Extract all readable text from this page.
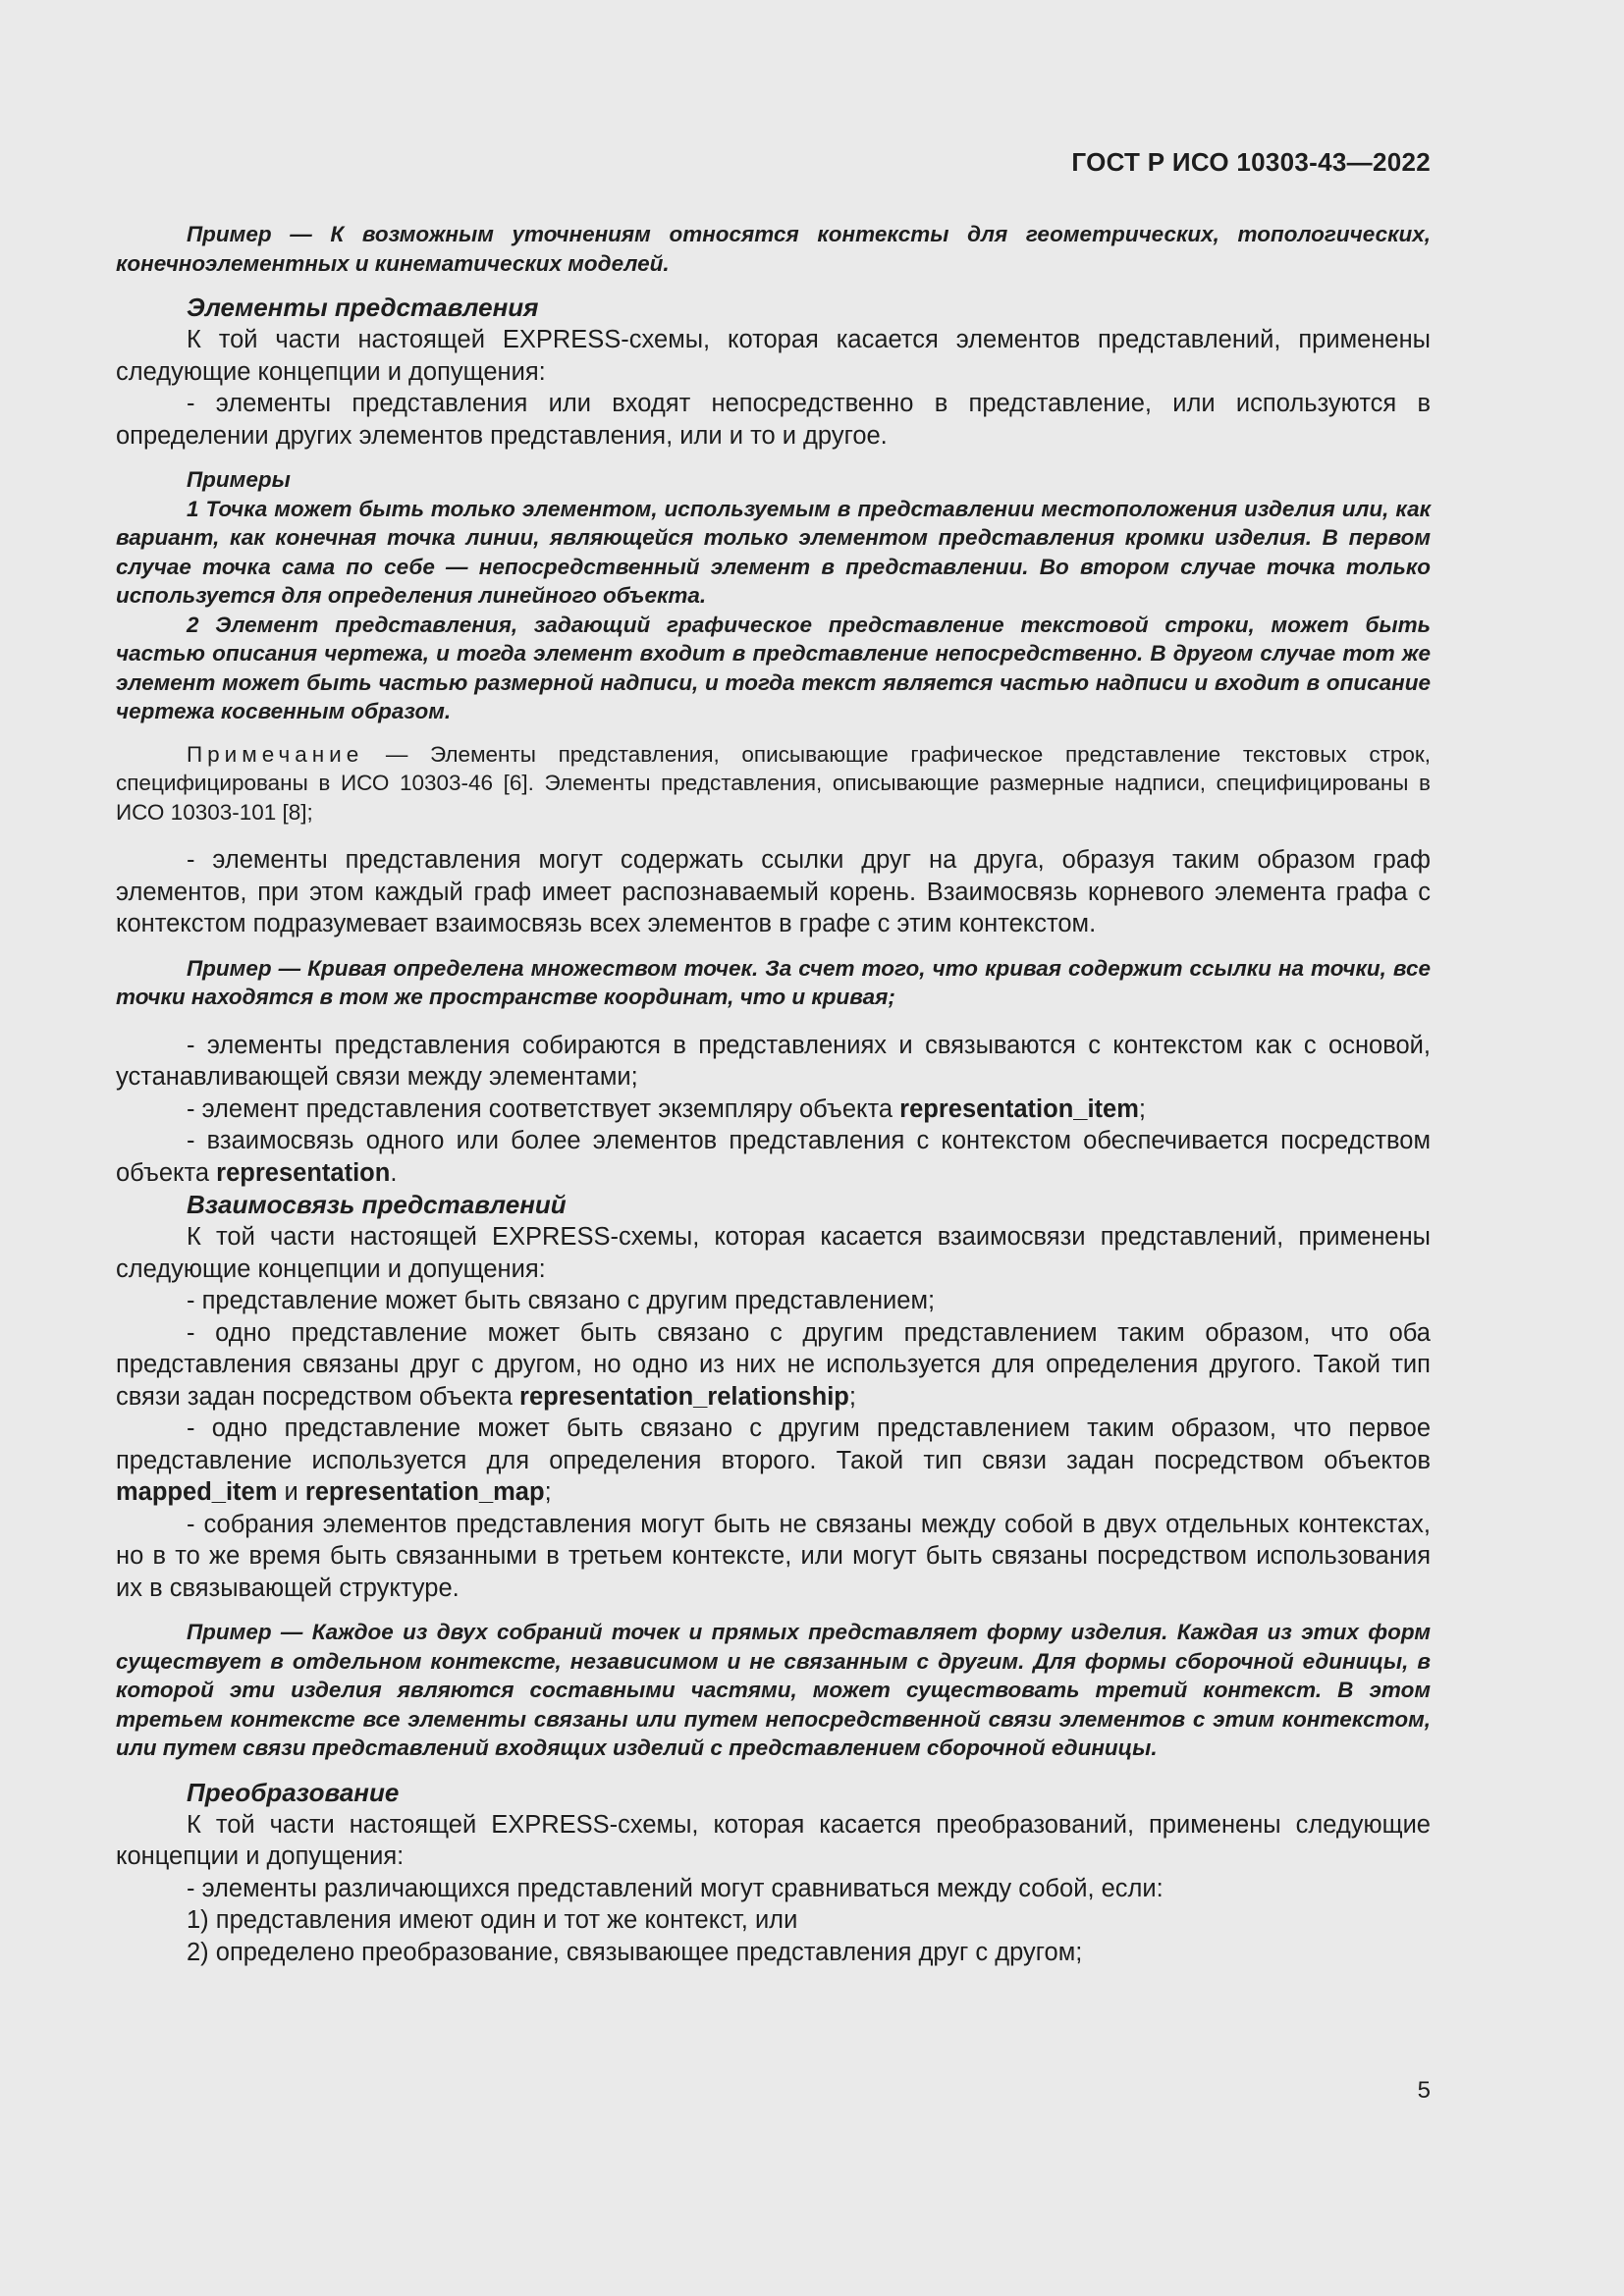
ГОСТ Р ИСО 10303-43—2022

Пример — К возможным уточнениям относятся контексты для геометрических, топологических, конечноэлементных и кинематических моделей.

Элементы представления

К той части настоящей EXPRESS-схемы, которая касается элементов представлений, применены следующие концепции и допущения:

- элементы представления или входят непосредственно в представление, или используются в определении других элементов представления, или и то и другое.

Примеры

1 Точка может быть только элементом, используемым в представлении местоположения изделия или, как вариант, как конечная точка линии, являющейся только элементом представления кромки изделия. В первом случае точка сама по себе — непосредственный элемент в представлении. Во втором случае точка только используется для определения линейного объекта.

2 Элемент представления, задающий графическое представление текстовой строки, может быть частью описания чертежа, и тогда элемент входит в представление непосредственно. В другом случае тот же элемент может быть частью размерной надписи, и тогда текст является частью надписи и входит в описание чертежа косвенным образом.

Примечание — Элементы представления, описывающие графическое представление текстовых строк, специфицированы в ИСО 10303-46 [6]. Элементы представления, описывающие размерные надписи, специфицированы в ИСО 10303-101 [8];

- элементы представления могут содержать ссылки друг на друга, образуя таким образом граф элементов, при этом каждый граф имеет распознаваемый корень. Взаимосвязь корневого элемента графа с контекстом подразумевает взаимосвязь всех элементов в графе с этим контекстом.

Пример — Кривая определена множеством точек. За счет того, что кривая содержит ссылки на точки, все точки находятся в том же пространстве координат, что и кривая;

- элементы представления собираются в представлениях и связываются с контекстом как с основой, устанавливающей связи между элементами;

- элемент представления соответствует экземпляру объекта representation_item;

- взаимосвязь одного или более элементов представления с контекстом обеспечивается посредством объекта representation.

Взаимосвязь представлений

К той части настоящей EXPRESS-схемы, которая касается взаимосвязи представлений, применены следующие концепции и допущения:

- представление может быть связано с другим представлением;

- одно представление может быть связано с другим представлением таким образом, что оба представления связаны друг с другом, но одно из них не используется для определения другого. Такой тип связи задан посредством объекта representation_relationship;

- одно представление может быть связано с другим представлением таким образом, что первое представление используется для определения второго. Такой тип связи задан посредством объектов mapped_item и representation_map;

- собрания элементов представления могут быть не связаны между собой в двух отдельных контекстах, но в то же время быть связанными в третьем контексте, или могут быть связаны посредством использования их в связывающей структуре.

Пример — Каждое из двух собраний точек и прямых представляет форму изделия. Каждая из этих форм существует в отдельном контексте, независимом и не связанным с другим. Для формы сборочной единицы, в которой эти изделия являются составными частями, может существовать третий контекст. В этом третьем контексте все элементы связаны или путем непосредственной связи элементов с этим контекстом, или путем связи представлений входящих изделий с представлением сборочной единицы.

Преобразование

К той части настоящей EXPRESS-схемы, которая касается преобразований, применены следующие концепции и допущения:

- элементы различающихся представлений могут сравниваться между собой, если:

1) представления имеют один и тот же контекст, или

2) определено преобразование, связывающее представления друг с другом;

5
